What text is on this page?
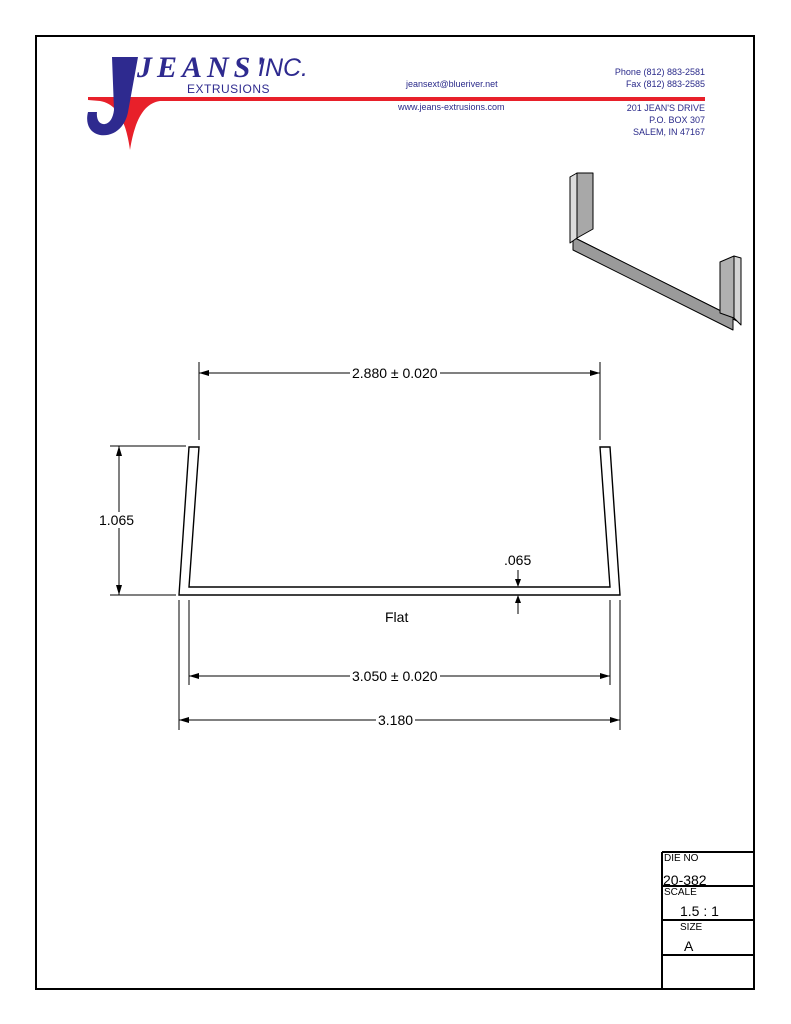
JEANS'
INC.
EXTRUSIONS	jeansext@blueriver.net
www.jeans-extrusions.com
Phone (812) 883-2581
Fax (812) 883-2585
201 JEAN'S DRIVE
P.O. BOX 307
SALEM, IN 47167
2.880 ± 0.020
1.065
.065
Flat
3.050 ± 0.020
3.180
DIE NO
20-382
SCALE
1.5 : 1
SIZE
A
